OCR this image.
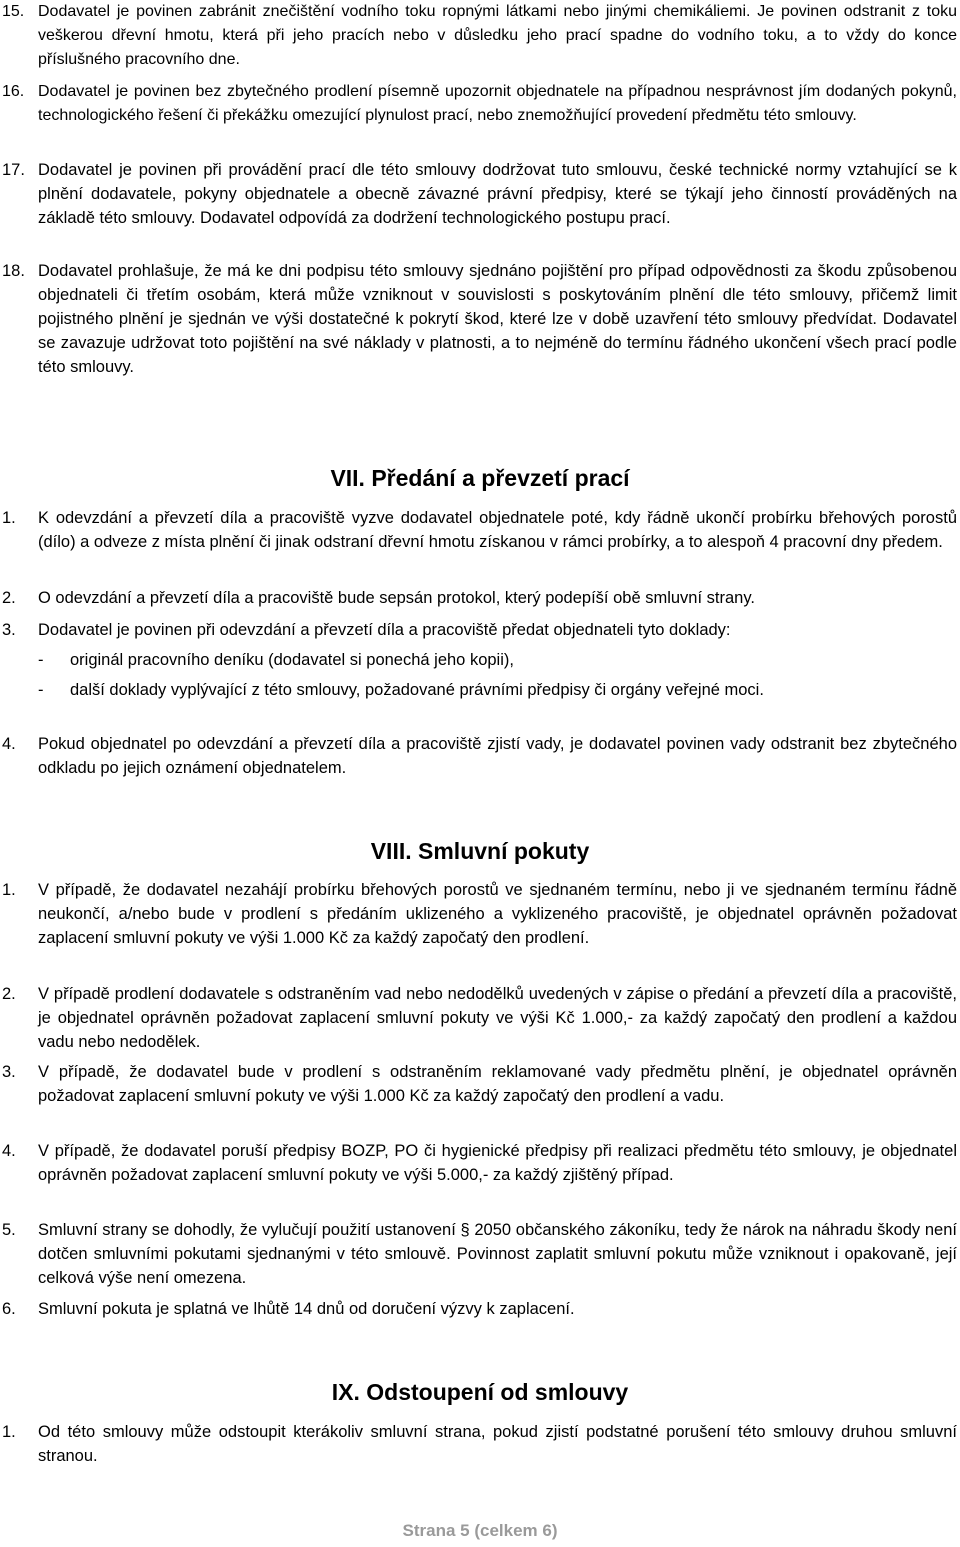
15. Dodavatel je povinen zabránit znečištění vodního toku ropnými látkami nebo jinými chemikáliemi. Je povinen odstranit z toku veškerou dřevní hmotu, která při jeho pracích nebo v důsledku jeho prací spadne do vodního toku, a to vždy do konce příslušného pracovního dne.
16. Dodavatel je povinen bez zbytečného prodlení písemně upozornit objednatele na případnou nesprávnost jím dodaných pokynů, technologického řešení či překážku omezující plynulost prací, nebo znemožňující provedení předmětu této smlouvy.
17. Dodavatel je povinen při provádění prací dle této smlouvy dodržovat tuto smlouvu, české technické normy vztahující se k plnění dodavatele, pokyny objednatele a obecně závazné právní předpisy, které se týkají jeho činností prováděných na základě této smlouvy. Dodavatel odpovídá za dodržení technologického postupu prací.
18. Dodavatel prohlašuje, že má ke dni podpisu této smlouvy sjednáno pojištění pro případ odpovědnosti za škodu způsobenou objednateli či třetím osobám, která může vzniknout v souvislosti s poskytováním plnění dle této smlouvy, přičemž limit pojistného plnění je sjednán ve výši dostatečné k pokrytí škod, které lze v době uzavření této smlouvy předvídat. Dodavatel se zavazuje udržovat toto pojištění na své náklady v platnosti, a to nejméně do termínu řádného ukončení všech prací podle této smlouvy.
VII. Předání a převzetí prací
1. K odevzdání a převzetí díla a pracoviště vyzve dodavatel objednatele poté, kdy řádně ukončí probírku břehových porostů (dílo) a odveze z místa plnění či jinak odstraní dřevní hmotu získanou v rámci probírky, a to alespoň 4 pracovní dny předem.
2. O odevzdání a převzetí díla a pracoviště bude sepsán protokol, který podepíší obě smluvní strany.
3. Dodavatel je povinen při odevzdání a převzetí díla a pracoviště předat objednateli tyto doklady:
- originál pracovního deníku (dodavatel si ponechá jeho kopii),
- další doklady vyplývající z této smlouvy, požadované právními předpisy či orgány veřejné moci.
4. Pokud objednatel po odevzdání a převzetí díla a pracoviště zjistí vady, je dodavatel povinen vady odstranit bez zbytečného odkladu po jejich oznámení objednatelem.
VIII. Smluvní pokuty
1. V případě, že dodavatel nezahájí probírku břehových porostů ve sjednaném termínu, nebo ji ve sjednaném termínu řádně neukončí, a/nebo bude v prodlení s předáním uklizeného a vyklizeného pracoviště, je objednatel oprávněn požadovat zaplacení smluvní pokuty ve výši 1.000 Kč za každý započatý den prodlení.
2. V případě prodlení dodavatele s odstraněním vad nebo nedodělků uvedených v zápise o předání a převzetí díla a pracoviště, je objednatel oprávněn požadovat zaplacení smluvní pokuty ve výši Kč 1.000,- za každý započatý den prodlení a každou vadu nebo nedodělek.
3. V případě, že dodavatel bude v prodlení s odstraněním reklamované vady předmětu plnění, je objednatel oprávněn požadovat zaplacení smluvní pokuty ve výši 1.000 Kč za každý započatý den prodlení a vadu.
4. V případě, že dodavatel poruší předpisy BOZP, PO či hygienické předpisy při realizaci předmětu této smlouvy, je objednatel oprávněn požadovat zaplacení smluvní pokuty ve výši 5.000,- za každý zjištěný případ.
5. Smluvní strany se dohodly, že vylučují použití ustanovení § 2050 občanského zákoníku, tedy že nárok na náhradu škody není dotčen smluvními pokutami sjednanými v této smlouvě. Povinnost zaplatit smluvní pokutu může vzniknout i opakovaně, její celková výše není omezena.
6. Smluvní pokuta je splatná ve lhůtě 14 dnů od doručení výzvy k zaplacení.
IX. Odstoupení od smlouvy
1. Od této smlouvy může odstoupit kterákoliv smluvní strana, pokud zjistí podstatné porušení této smlouvy druhou smluvní stranou.
Strana 5 (celkem 6)
